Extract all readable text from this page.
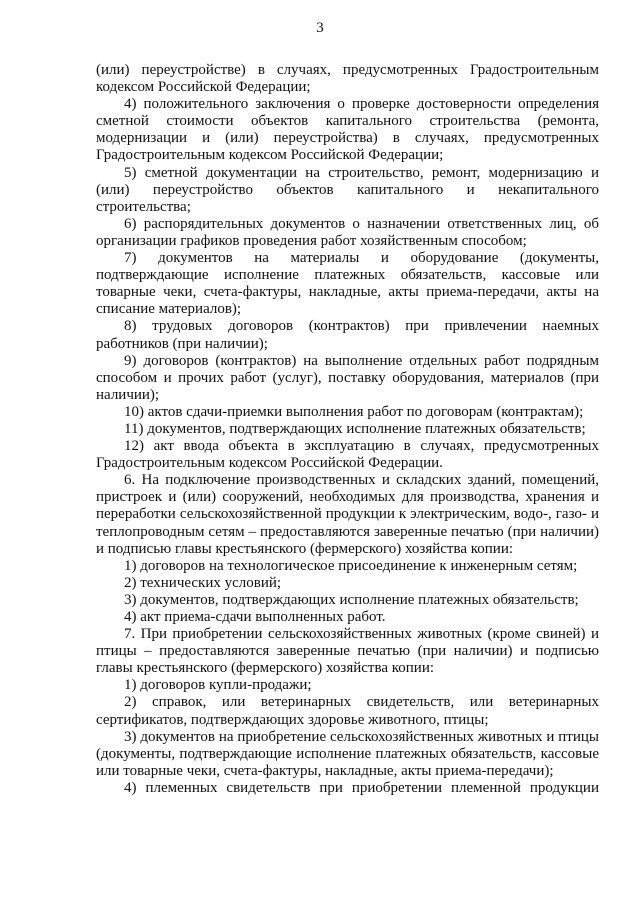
3

(или) переустройстве) в случаях, предусмотренных Градостроительным кодексом Российской Федерации;

4) положительного заключения о проверке достоверности определения сметной стоимости объектов капитального строительства (ремонта, модернизации и (или) переустройства) в случаях, предусмотренных Градостроительным кодексом Российской Федерации;

5) сметной документации на строительство, ремонт, модернизацию и (или) переустройство объектов капитального и некапитального строительства;

6) распорядительных документов о назначении ответственных лиц, об организации графиков проведения работ хозяйственным способом;

7) документов на материалы и оборудование (документы, подтверждающие исполнение платежных обязательств, кассовые или товарные чеки, счета-фактуры, накладные, акты приема-передачи, акты на списание материалов);

8) трудовых договоров (контрактов) при привлечении наемных работников (при наличии);

9) договоров (контрактов) на выполнение отдельных работ подрядным способом и прочих работ (услуг), поставку оборудования, материалов (при наличии);

10) актов сдачи-приемки выполнения работ по договорам (контрактам);

11) документов, подтверждающих исполнение платежных обязательств;

12) акт ввода объекта в эксплуатацию в случаях, предусмотренных Градостроительным кодексом Российской Федерации.

6. На подключение производственных и складских зданий, помещений, пристроек и (или) сооружений, необходимых для производства, хранения и переработки сельскохозяйственной продукции к электрическим, водо-, газо- и теплопроводным сетям – предоставляются заверенные печатью (при наличии) и подписью главы крестьянского (фермерского) хозяйства копии:

1) договоров на технологическое присоединение к инженерным сетям;

2) технических условий;

3) документов, подтверждающих исполнение платежных обязательств;

4) акт приема-сдачи выполненных работ.

7. При приобретении сельскохозяйственных животных (кроме свиней) и птицы – предоставляются заверенные печатью (при наличии) и подписью главы крестьянского (фермерского) хозяйства копии:

1) договоров купли-продажи;

2) справок, или ветеринарных свидетельств, или ветеринарных сертификатов, подтверждающих здоровье животного, птицы;

3) документов на приобретение сельскохозяйственных животных и птицы (документы, подтверждающие исполнение платежных обязательств, кассовые или товарные чеки, счета-фактуры, накладные, акты приема-передачи);

4) племенных свидетельств при приобретении племенной продукции
